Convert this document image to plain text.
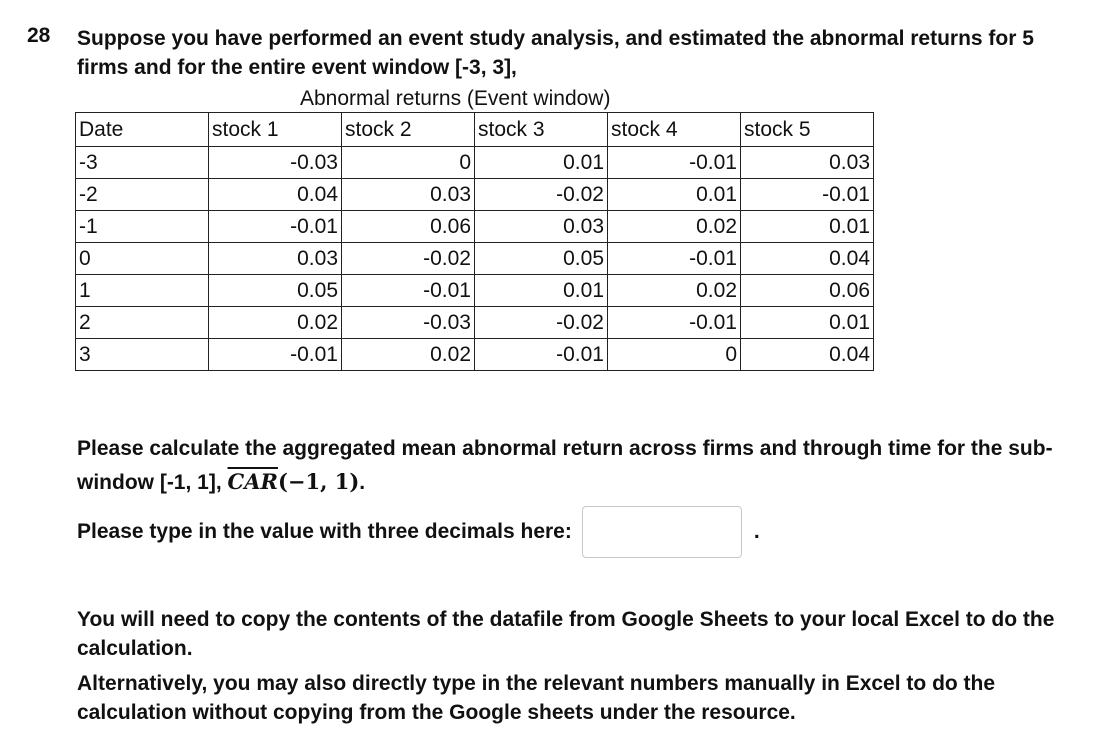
28 Suppose you have performed an event study analysis, and estimated the abnormal returns for 5 firms and for the entire event window [-3, 3],
Abnormal returns (Event window)
Date	stock 1	stock 2	stock 3	stock 4	stock 5
-3	-0.03	0	0.01	-0.01	0.03
-2	0.04	0.03	-0.02	0.01	-0.01
-1	-0.01	0.06	0.03	0.02	0.01
0	0.03	-0.02	0.05	-0.01	0.04
1	0.05	-0.01	0.01	0.02	0.06
2	0.02	-0.03	-0.02	-0.01	0.01
3	-0.01	0.02	-0.01	0	0.04
Please calculate the aggregated mean abnormal return across firms and through time for the sub-window [-1, 1], $\overline{CAR}(-1$, 1).
Please type in the value with three decimals here:	.
You will need to copy the contents of the datafile from Google Sheets to your local Excel to do the calculation.
Alternatively, you may also directly type in the relevant numbers manually in Excel to do the calculation without copying from the Google sheets under the resource.
